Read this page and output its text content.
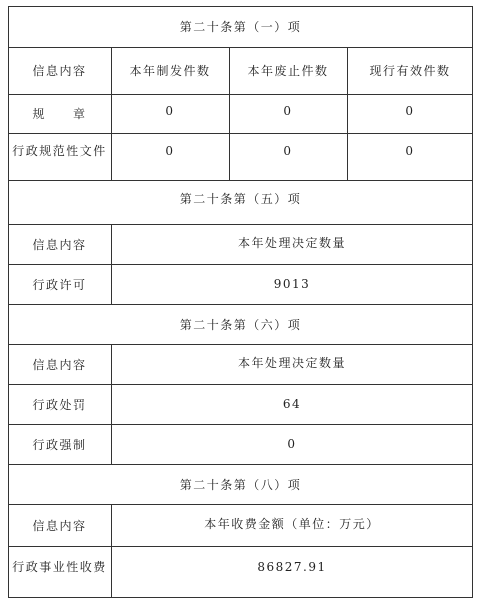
第二十条第（一）项
信息内容	本年制发件数	本年废止件数	现行有效件数
规　　章	0	0	0
行政规范性文件	0	0	0
第二十条第（五）项
信息内容	本年处理决定数量
行政许可	9013
第二十条第（六）项
信息内容	本年处理决定数量
行政处罚	64
行政强制	0
第二十条第（八）项
信息内容	本年收费金额（单位：万元）
行政事业性收费	86827.91
